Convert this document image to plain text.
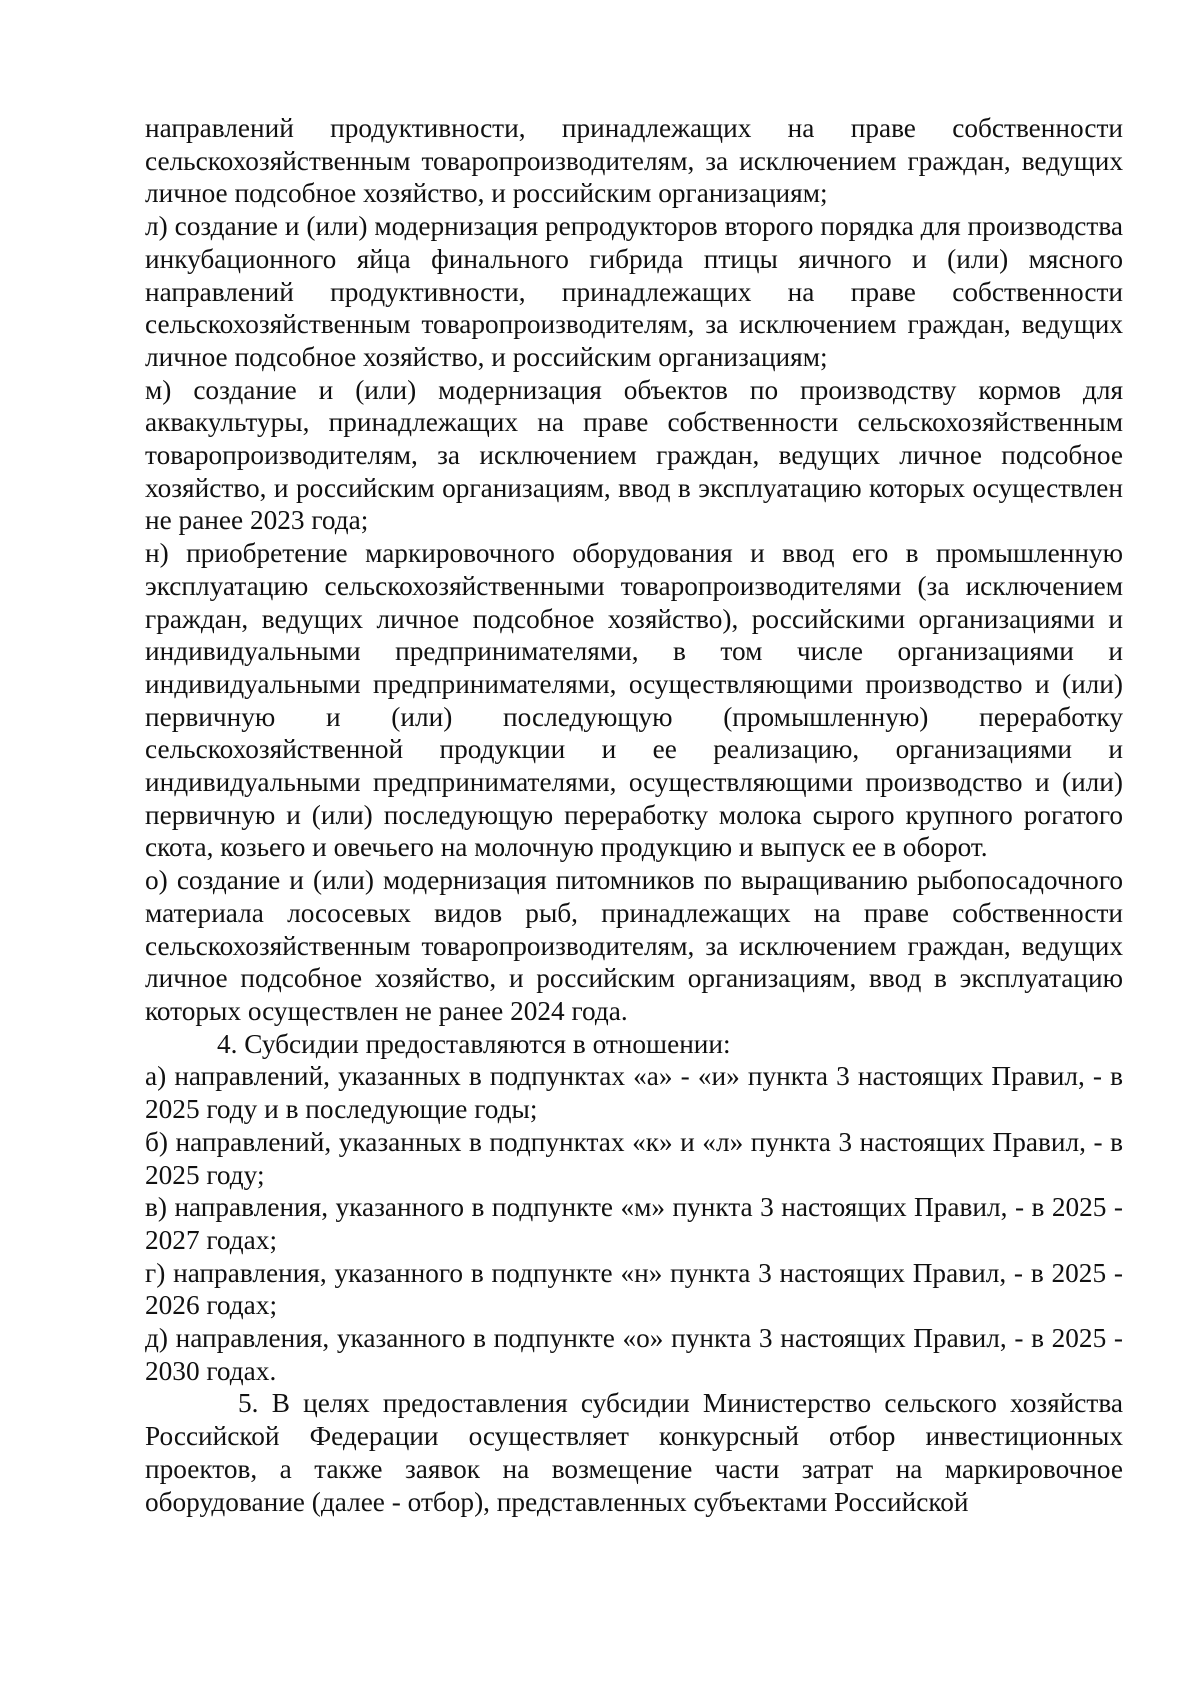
направлений продуктивности, принадлежащих на праве собственности сельскохозяйственным товаропроизводителям, за исключением граждан, ведущих личное подсобное хозяйство, и российским организациям;

л) создание и (или) модернизация репродукторов второго порядка для производства инкубационного яйца финального гибрида птицы яичного и (или) мясного направлений продуктивности, принадлежащих на праве собственности сельскохозяйственным товаропроизводителям, за исключением граждан, ведущих личное подсобное хозяйство, и российским организациям;

м) создание и (или) модернизация объектов по производству кормов для аквакультуры, принадлежащих на праве собственности сельскохозяйственным товаропроизводителям, за исключением граждан, ведущих личное подсобное хозяйство, и российским организациям, ввод в эксплуатацию которых осуществлен не ранее 2023 года;

н) приобретение маркировочного оборудования и ввод его в промышленную эксплуатацию сельскохозяйственными товаропроизводителями (за исключением граждан, ведущих личное подсобное хозяйство), российскими организациями и индивидуальными предпринимателями, в том числе организациями и индивидуальными предпринимателями, осуществляющими производство и (или) первичную и (или) последующую (промышленную) переработку сельскохозяйственной продукции и ее реализацию, организациями и индивидуальными предпринимателями, осуществляющими производство и (или) первичную и (или) последующую переработку молока сырого крупного рогатого скота, козьего и овечьего на молочную продукцию и выпуск ее в оборот.

о) создание и (или) модернизация питомников по выращиванию рыбопосадочного материала лососевых видов рыб, принадлежащих на праве собственности сельскохозяйственным товаропроизводителям, за исключением граждан, ведущих личное подсобное хозяйство, и российским организациям, ввод в эксплуатацию которых осуществлен не ранее 2024 года.

4. Субсидии предоставляются в отношении:

а) направлений, указанных в подпунктах «а» - «и» пункта 3 настоящих Правил, - в 2025 году и в последующие годы;

б) направлений, указанных в подпунктах «к» и «л» пункта 3 настоящих Правил, - в 2025 году;

в) направления, указанного в подпункте «м» пункта 3 настоящих Правил, - в 2025 - 2027 годах;

г) направления, указанного в подпункте «н» пункта 3 настоящих Правил, - в 2025 - 2026 годах;

д) направления, указанного в подпункте «о» пункта 3 настоящих Правил, - в 2025 - 2030 годах.

5. В целях предоставления субсидии Министерство сельского хозяйства Российской Федерации осуществляет конкурсный отбор инвестиционных проектов, а также заявок на возмещение части затрат на маркировочное оборудование (далее - отбор), представленных субъектами Российской
